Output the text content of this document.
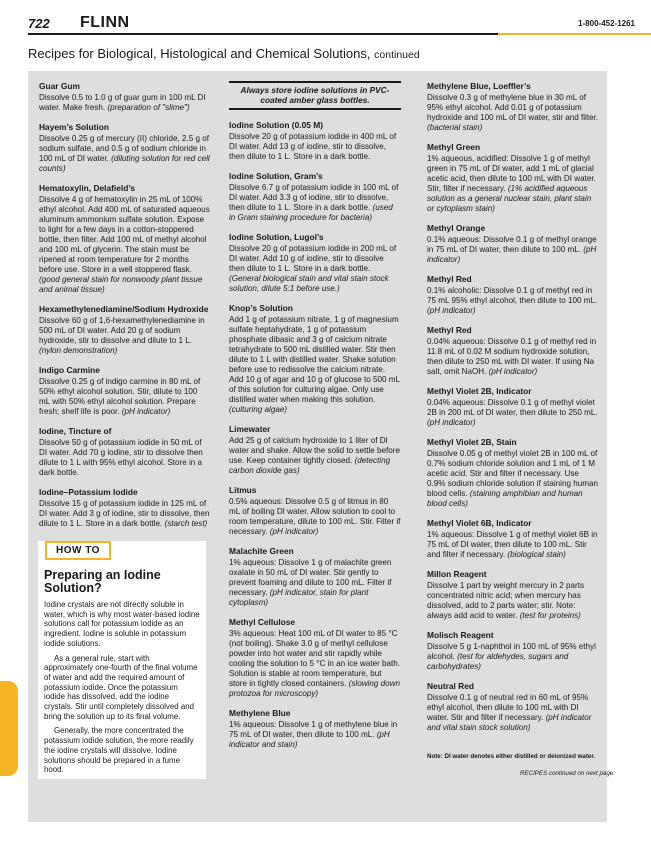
722 FLINN	1-800-452-1261
Recipes for Biological, Histological and Chemical Solutions, continued
Guar Gum
Dissolve 0.5 to 1.0 g of guar gum in 100 mL DI water. Make fresh. (preparation of "slime")
Hayem’s Solution
Dissolve 0.25 g of mercury (II) chloride, 2.5 g of sodium sulfate, and 0.5 g of sodium chloride in 100 mL of DI water. (diluting solution for red cell counts)
Hematoxylin, Delafield’s
Dissolve 4 g of hematoxylin in 25 mL of 100% ethyl alcohol. Add 400 mL of saturated aqueous aluminum ammonium sulfate solution. Expose to light for a few days in a cotton-stoppered bottle, then filter. Add 100 mL of methyl alcohol and 100 mL of glycerin. The stain must be ripened at room temperature for 2 months before use. Store in a well stoppered flask. (good general stain for nonwoody plant tissue and animal tissue)
Hexamethylenediamine/Sodium Hydroxide
Dissolve 60 g of 1,6-hexamethylenediamine in 500 mL of DI water. Add 20 g of sodium hydroxide, stir to dissolve and dilute to 1 L. (nylon demonstration)
Indigo Carmine
Dissolve 0.25 g of indigo carmine in 80 mL of 50% ethyl alcohol solution. Stir, dilute to 100 mL with 50% ethyl alcohol solution. Prepare fresh; shelf life is poor. (pH indicator)
Iodine, Tincture of
Dissolve 50 g of potassium iodide in 50 mL of DI water. Add 70 g iodine, stir to dissolve then dilute to 1 L with 95% ethyl alcohol. Store in a dark bottle.
Iodine–Potassium Iodide
Dissolve 15 g of potassium iodide in 125 mL of DI water. Add 3 g of iodine, stir to dissolve, then dilute to 1 L. Store in a dark bottle. (starch test)
Always store iodine solutions in PVC-coated amber glass bottles.
Iodine Solution (0.05 M)
Dissolve 20 g of potassium iodide in 400 mL of DI water. Add 13 g of iodine, stir to dissolve, then dilute to 1 L. Store in a dark bottle.
Iodine Solution, Gram’s
Dissolve 6.7 g of potassium iodide in 100 mL of DI water. Add 3.3 g of iodine, stir to dissolve, then dilute to 1 L. Store in a dark bottle. (used in Gram staining procedure for bacteria)
Iodine Solution, Lugol’s
Dissolve 20 g of potassium iodide in 200 mL of DI water. Add 10 g of iodine, stir to dissolve then dilute to 1 L. Store in a dark bottle. (General biological stain and vital stain stock solution, dilute 5:1 before use.)
Knop’s Solution
Add 1 g of potassium nitrate, 1 g of magnesium sulfate heptahydrate, 1 g of potassium phosphate dibasic and 3 g of calcium nitrate tetrahydrate to 500 mL distilled water. Stir then dilute to 1 L with distilled water. Shake solution before use to redissolve the calcium nitrate. Add 10 g of agar and 10 g of glucose to 500 mL of this solution for culturing algae. Only use distilled water when making this solution. (culturing algae)
Limewater
Add 25 g of calcium hydroxide to 1 liter of DI water and shake. Allow the solid to settle before use. Keep container tightly closed. (detecting carbon dioxide gas)
Litmus
0.5% aqueous: Dissolve 0.5 g of litmus in 80 mL of boiling DI water. Allow solution to cool to room temperature, dilute to 100 mL. Stir. Filter if necessary. (pH indicator)
Malachite Green
1% aqueous: Dissolve 1 g of malachite green oxalate in 50 mL of DI water. Stir gently to prevent foaming and dilute to 100 mL. Filter if necessary. (pH indicator, stain for plant cytoplasm)
Methyl Cellulose
3% aqueous: Heat 100 mL of DI water to 85 °C (not boiling). Shake 3.0 g of methyl cellulose powder into hot water and stir rapidly while cooling the solution to 5 °C in an ice water bath. Solution is stable at room temperature, but store in tightly closed containers. (slowing down protozoa for microscopy)
Methylene Blue
1% aqueous: Dissolve 1 g of methylene blue in 75 mL of DI water, then dilute to 100 mL. (pH indicator and stain)
Methylene Blue, Loeffler’s
Dissolve 0.3 g of methylene blue in 30 mL of 95% ethyl alcohol. Add 0.01 g of potassium hydroxide and 100 mL of DI water, stir and filter. (bacterial stain)
Methyl Green
1% aqueous, acidified: Dissolve 1 g of methyl green in 75 mL of DI water, add 1 mL of glacial acetic acid, then dilute to 100 mL with DI water. Stir, filter if necessary. (1% acidified aqueous solution as a general nuclear stain, plant stain or cytoplasm stain)
Methyl Orange
0.1% aqueous: Dissolve 0.1 g of methyl orange in 75 mL of DI water, then dilute to 100 mL. (pH indicator)
Methyl Red
0.1% alcoholic: Dissolve 0.1 g of methyl red in 75 mL 95% ethyl alcohol, then dilute to 100 mL. (pH indicator)
Methyl Red
0.04% aqueous: Dissolve 0.1 g of methyl red in 11.8 mL of 0.02 M sodium hydroxide solution, then dilute to 250 mL with DI water. If using Na salt, omit NaOH. (pH indicator)
Methyl Violet 2B, Indicator
0.04% aqueous: Dissolve 0.1 g of methyl violet 2B in 200 mL of DI water, then dilute to 250 mL. (pH indicator)
Methyl Violet 2B, Stain
Dissolve 0.05 g of methyl violet 2B in 100 mL of 0.7% sodium chloride solution and 1 mL of 1 M acetic acid. Stir and filter if necessary. Use 0.9% sodium chloride solution if staining human blood cells. (staining amphibian and human blood cells)
Methyl Violet 6B, Indicator
1% aqueous: Dissolve 1 g of methyl violet 6B in 75 mL of DI water, then dilute to 100 mL. Stir and filter if necessary. (biological stain)
Millon Reagent
Dissolve 1 part by weight mercury in 2 parts concentrated nitric acid; when mercury has dissolved, add to 2 parts water; stir. Note: always add acid to water. (test for proteins)
Molisch Reagent
Dissolve 5 g 1-naphthol in 100 mL of 95% ethyl alcohol. (test for aldehydes, sugars and carbohydrates)
Neutral Red
Dissolve 0.1 g of neutral red in 60 mL of 95% ethyl alcohol, then dilute to 100 mL with DI water. Stir and filter if necessary. (pH indicator and vital stain stock solution)
HOW TO
Preparing an Iodine Solution?

Iodine crystals are not directly soluble in water, which is why most water-based iodine solutions call for potassium iodide as an ingredient. Iodine is soluble in potassium iodide solutions.

As a general rule, start with approximately one-fourth of the final volume of water and add the required amount of potassium iodide. Once the potassium iodide has dissolved, add the iodine crystals. Stir until completely dissolved and bring the solution up to its final volume.

Generally, the more concentrated the potassium iodide solution, the more readily the iodine crystals will dissolve. Iodine solutions should be prepared in a fume hood.

Note: DI water denotes either distilled or deionized water.
RECIPES continued on next page.
